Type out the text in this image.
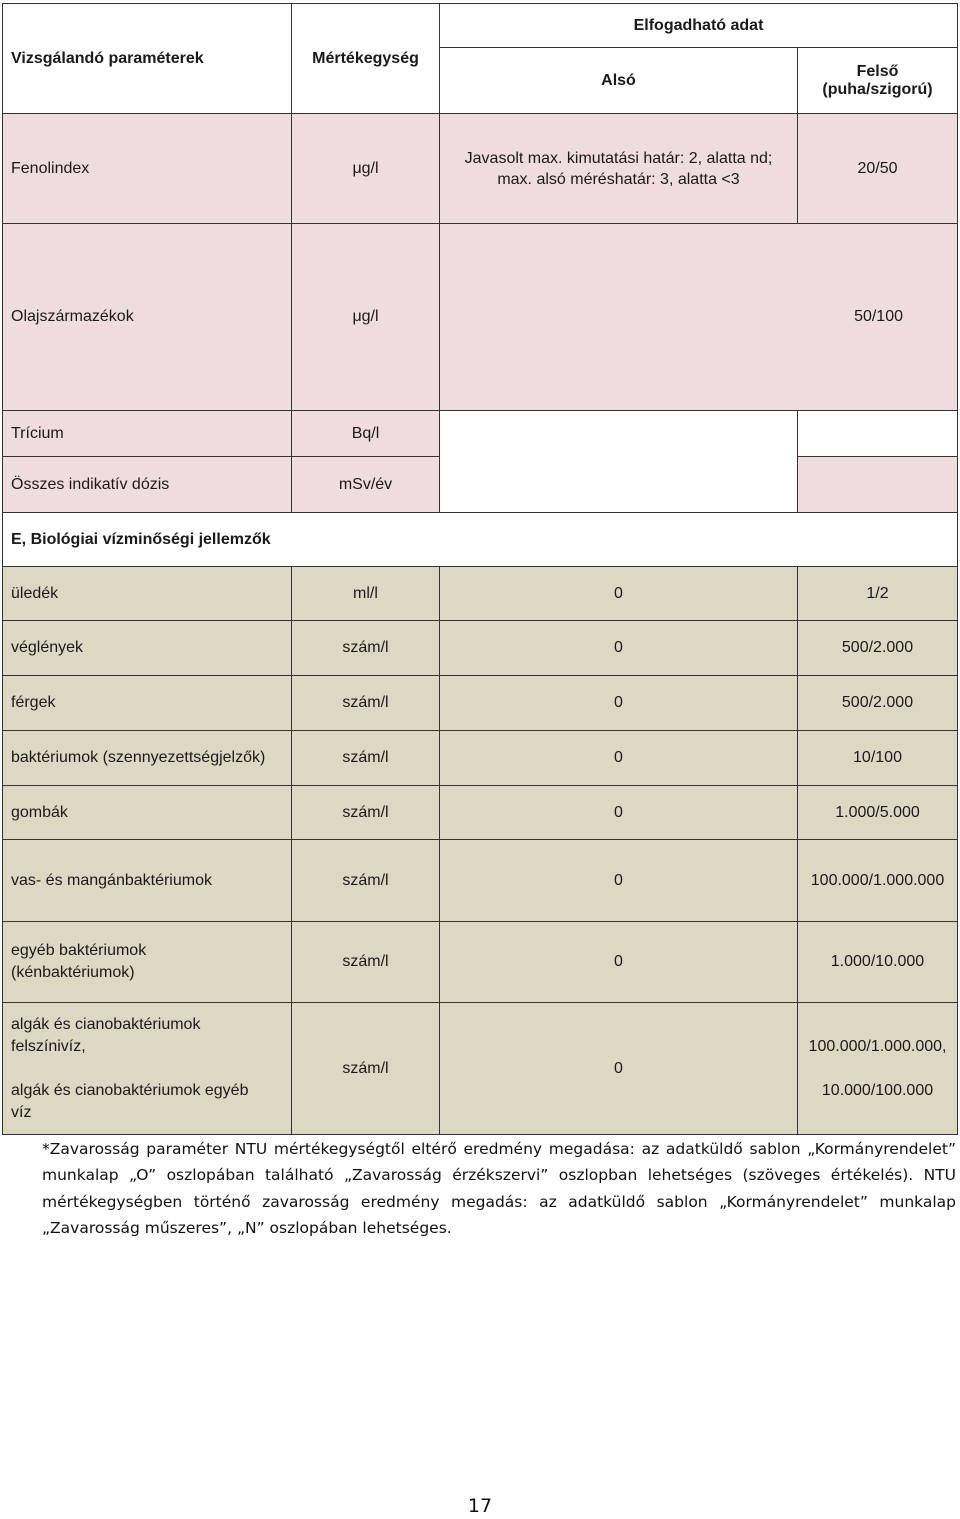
Vizsgálandó paraméterek	Mértékegység	Elfogadható adat	
		Alsó	Felső
(puha/szigorú)

Fenolindex	μg/l	Javasolt max. kimutatási határ: 2, alatta nd;
max. alsó méréshatár: 3, alatta <3	20/50
Olajszármazékok	μg/l	50/100	
Trícium	Bq/l		
Összes indikatív dózis	mSv/év		
E, Biológiai vízminőségi jellemzők			
üledék	ml/l	0	1/2
véglények	szám/l	0	500/2.000
férgek	szám/l	0	500/2.000
baktériumok (szennyezettségjelzők)	szám/l	0	10/100
gombák	szám/l	0	1.000/5.000
vas- és mangánbaktériumok	szám/l	0	100.000/1.000.000

egyéb baktériumok
(kénbaktériumok)	szám/l	0	1.000/10.000

algák és cianobaktériumok
felszínivíz,
algák és cianobaktériumok egyéb
víz	szám/l	0	100.000/1.000.000,
10.000/100.000
*Zavarosság paraméter NTU mértékegységtől eltérő eredmény megadása: az adatküldő sablon „Kormányrendelet” munkalap „O” oszlopában található „Zavarosság érzékszervi” oszlopban lehetséges (szöveges értékelés). NTU mértékegységben történő zavarosság eredmény megadás: az adatküldő sablon „Kormányrendelet” munkalap „Zavarosság műszeres”, „N” oszlopában lehetséges.
17
